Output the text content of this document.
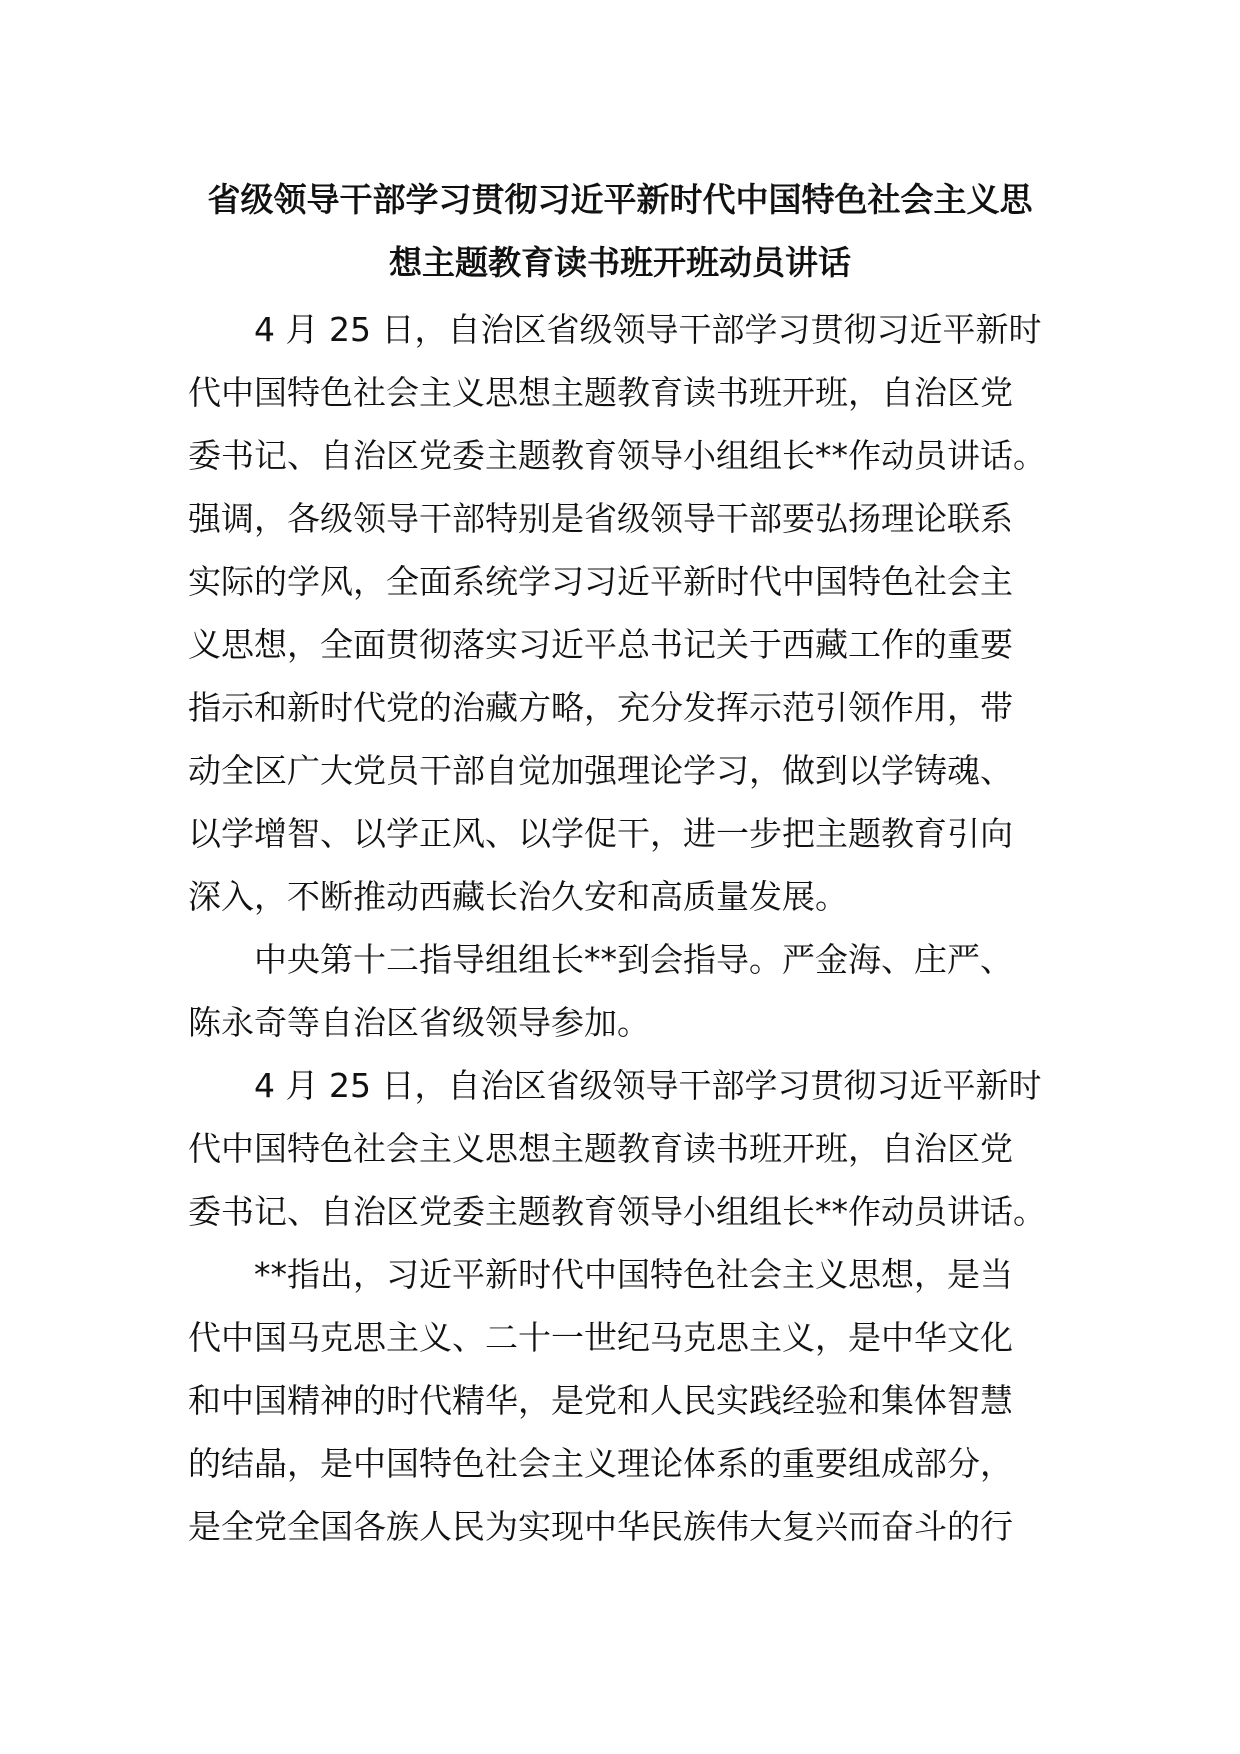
省级领导干部学习贯彻习近平新时代中国特色社会主义思
想主题教育读书班开班动员讲话
4 月 25 日，自治区省级领导干部学习贯彻习近平新时
代中国特色社会主义思想主题教育读书班开班，自治区党
委书记、自治区党委主题教育领导小组组长**作动员讲话。
强调，各级领导干部特别是省级领导干部要弘扬理论联系
实际的学风，全面系统学习习近平新时代中国特色社会主
义思想，全面贯彻落实习近平总书记关于西藏工作的重要
指示和新时代党的治藏方略，充分发挥示范引领作用，带
动全区广大党员干部自觉加强理论学习，做到以学铸魂、
以学增智、以学正风、以学促干，进一步把主题教育引向
深入，不断推动西藏长治久安和高质量发展。
中央第十二指导组组长**到会指导。严金海、庄严、
陈永奇等自治区省级领导参加。
4 月 25 日，自治区省级领导干部学习贯彻习近平新时
代中国特色社会主义思想主题教育读书班开班，自治区党
委书记、自治区党委主题教育领导小组组长**作动员讲话。
**指出，习近平新时代中国特色社会主义思想，是当
代中国马克思主义、二十一世纪马克思主义，是中华文化
和中国精神的时代精华，是党和人民实践经验和集体智慧
的结晶，是中国特色社会主义理论体系的重要组成部分，
是全党全国各族人民为实现中华民族伟大复兴而奋斗的行
